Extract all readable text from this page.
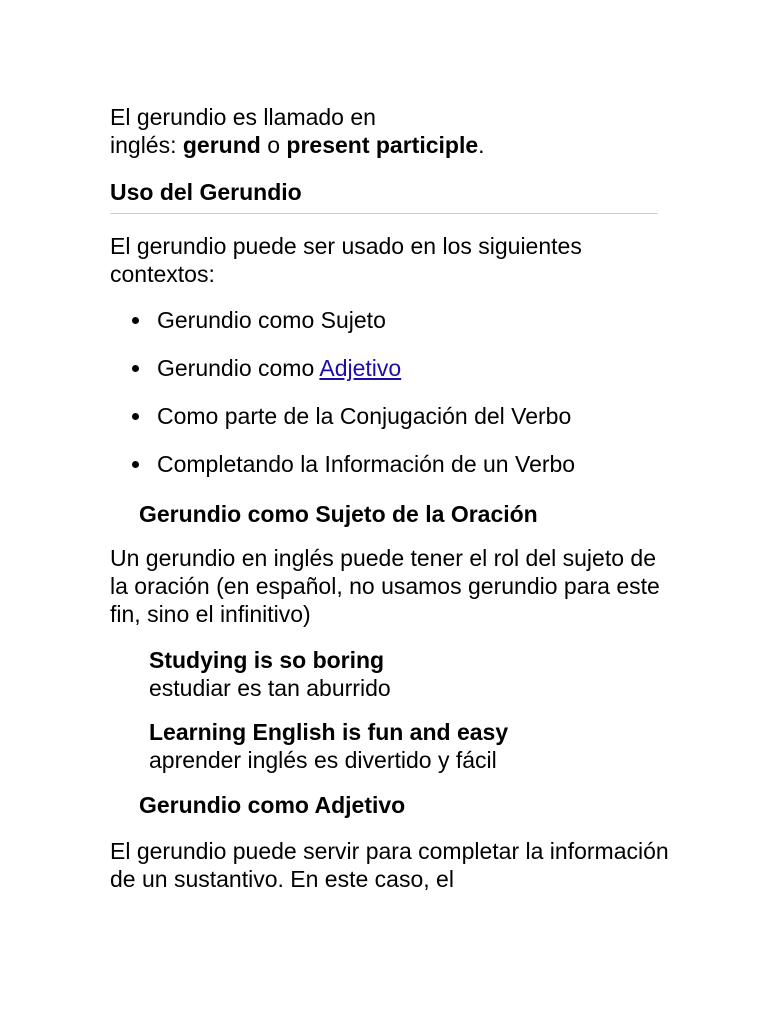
El gerundio es llamado en
inglés: gerund o present participle.

Uso del Gerundio

El gerundio puede ser usado en los siguientes contextos:

Gerundio como Sujeto
Gerundio como Adjetivo
Como parte de la Conjugación del Verbo
Completando la Información de un Verbo
Gerundio como Sujeto de la Oración

Un gerundio en inglés puede tener el rol del sujeto de la oración (en español, no usamos gerundio para este fin, sino el infinitivo)

Studying is so boring
estudiar es tan aburrido
Learning English is fun and easy
aprender inglés es divertido y fácil
Gerundio como Adjetivo

El gerundio puede servir para completar la información de un sustantivo. En este caso, el
